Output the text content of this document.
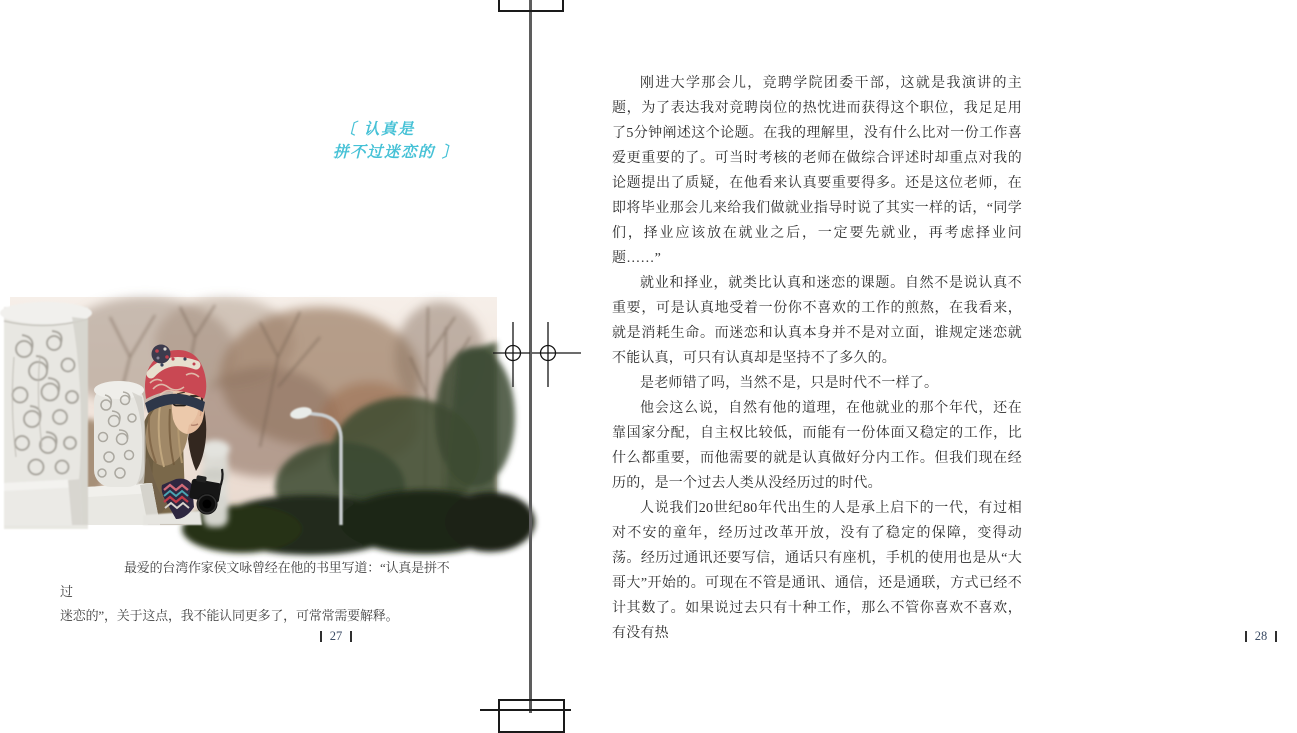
〔 认真是
拼不过迷恋的 〕
最爱的台湾作家侯文咏曾经在他的书里写道：“认真是拼不过
迷恋的”，关于这点，我不能认同更多了，可常常需要解释。
27

刚进大学那会儿，竞聘学院团委干部，这就是我演讲的主题，为了表达我对竞聘岗位的热忱进而获得这个职位，我足足用了5分钟阐述这个论题。在我的理解里，没有什么比对一份工作喜爱更重要的了。可当时考核的老师在做综合评述时却重点对我的论题提出了质疑，在他看来认真要重要得多。还是这位老师，在即将毕业那会儿来给我们做就业指导时说了其实一样的话，“同学们，择业应该放在就业之后，一定要先就业，再考虑择业问题……”

就业和择业，就类比认真和迷恋的课题。自然不是说认真不重要，可是认真地受着一份你不喜欢的工作的煎熬，在我看来，就是消耗生命。而迷恋和认真本身并不是对立面，谁规定迷恋就不能认真，可只有认真却是坚持不了多久的。

是老师错了吗，当然不是，只是时代不一样了。

他会这么说，自然有他的道理，在他就业的那个年代，还在靠国家分配，自主权比较低，而能有一份体面又稳定的工作，比什么都重要，而他需要的就是认真做好分内工作。但我们现在经历的，是一个过去人类从没经历过的时代。

人说我们20世纪80年代出生的人是承上启下的一代，有过相对不安的童年，经历过改革开放，没有了稳定的保障，变得动荡。经历过通讯还要写信，通话只有座机，手机的使用也是从“大哥大”开始的。可现在不管是通讯、通信，还是通联，方式已经不计其数了。如果说过去只有十种工作，那么不管你喜欢不喜欢，有没有热	28
